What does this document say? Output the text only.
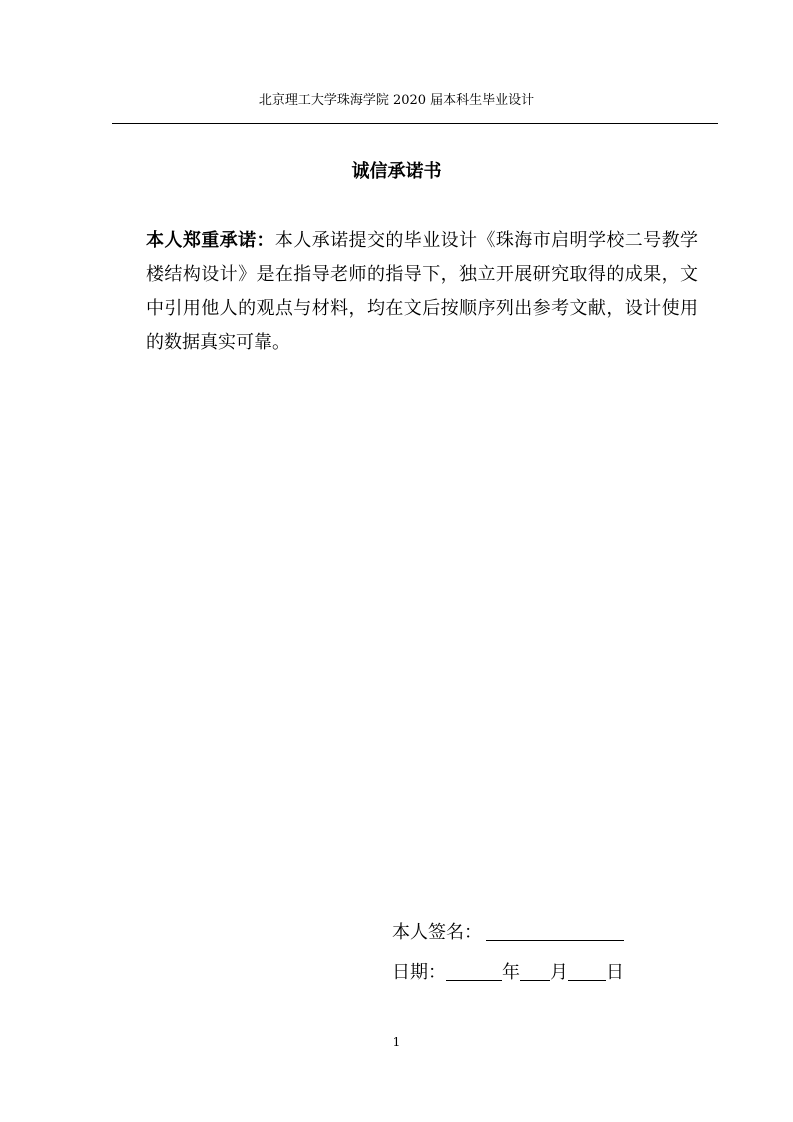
北京理工大学珠海学院 2020 届本科生毕业设计
诚信承诺书

本人郑重承诺：本人承诺提交的毕业设计《珠海市启明学校二号教学楼结构设计》是在指导老师的指导下，独立开展研究取得的成果，文中引用他人的观点与材料，均在文后按顺序列出参考文献，设计使用的数据真实可靠。

本人签名：
日期：	年 月 日
1
